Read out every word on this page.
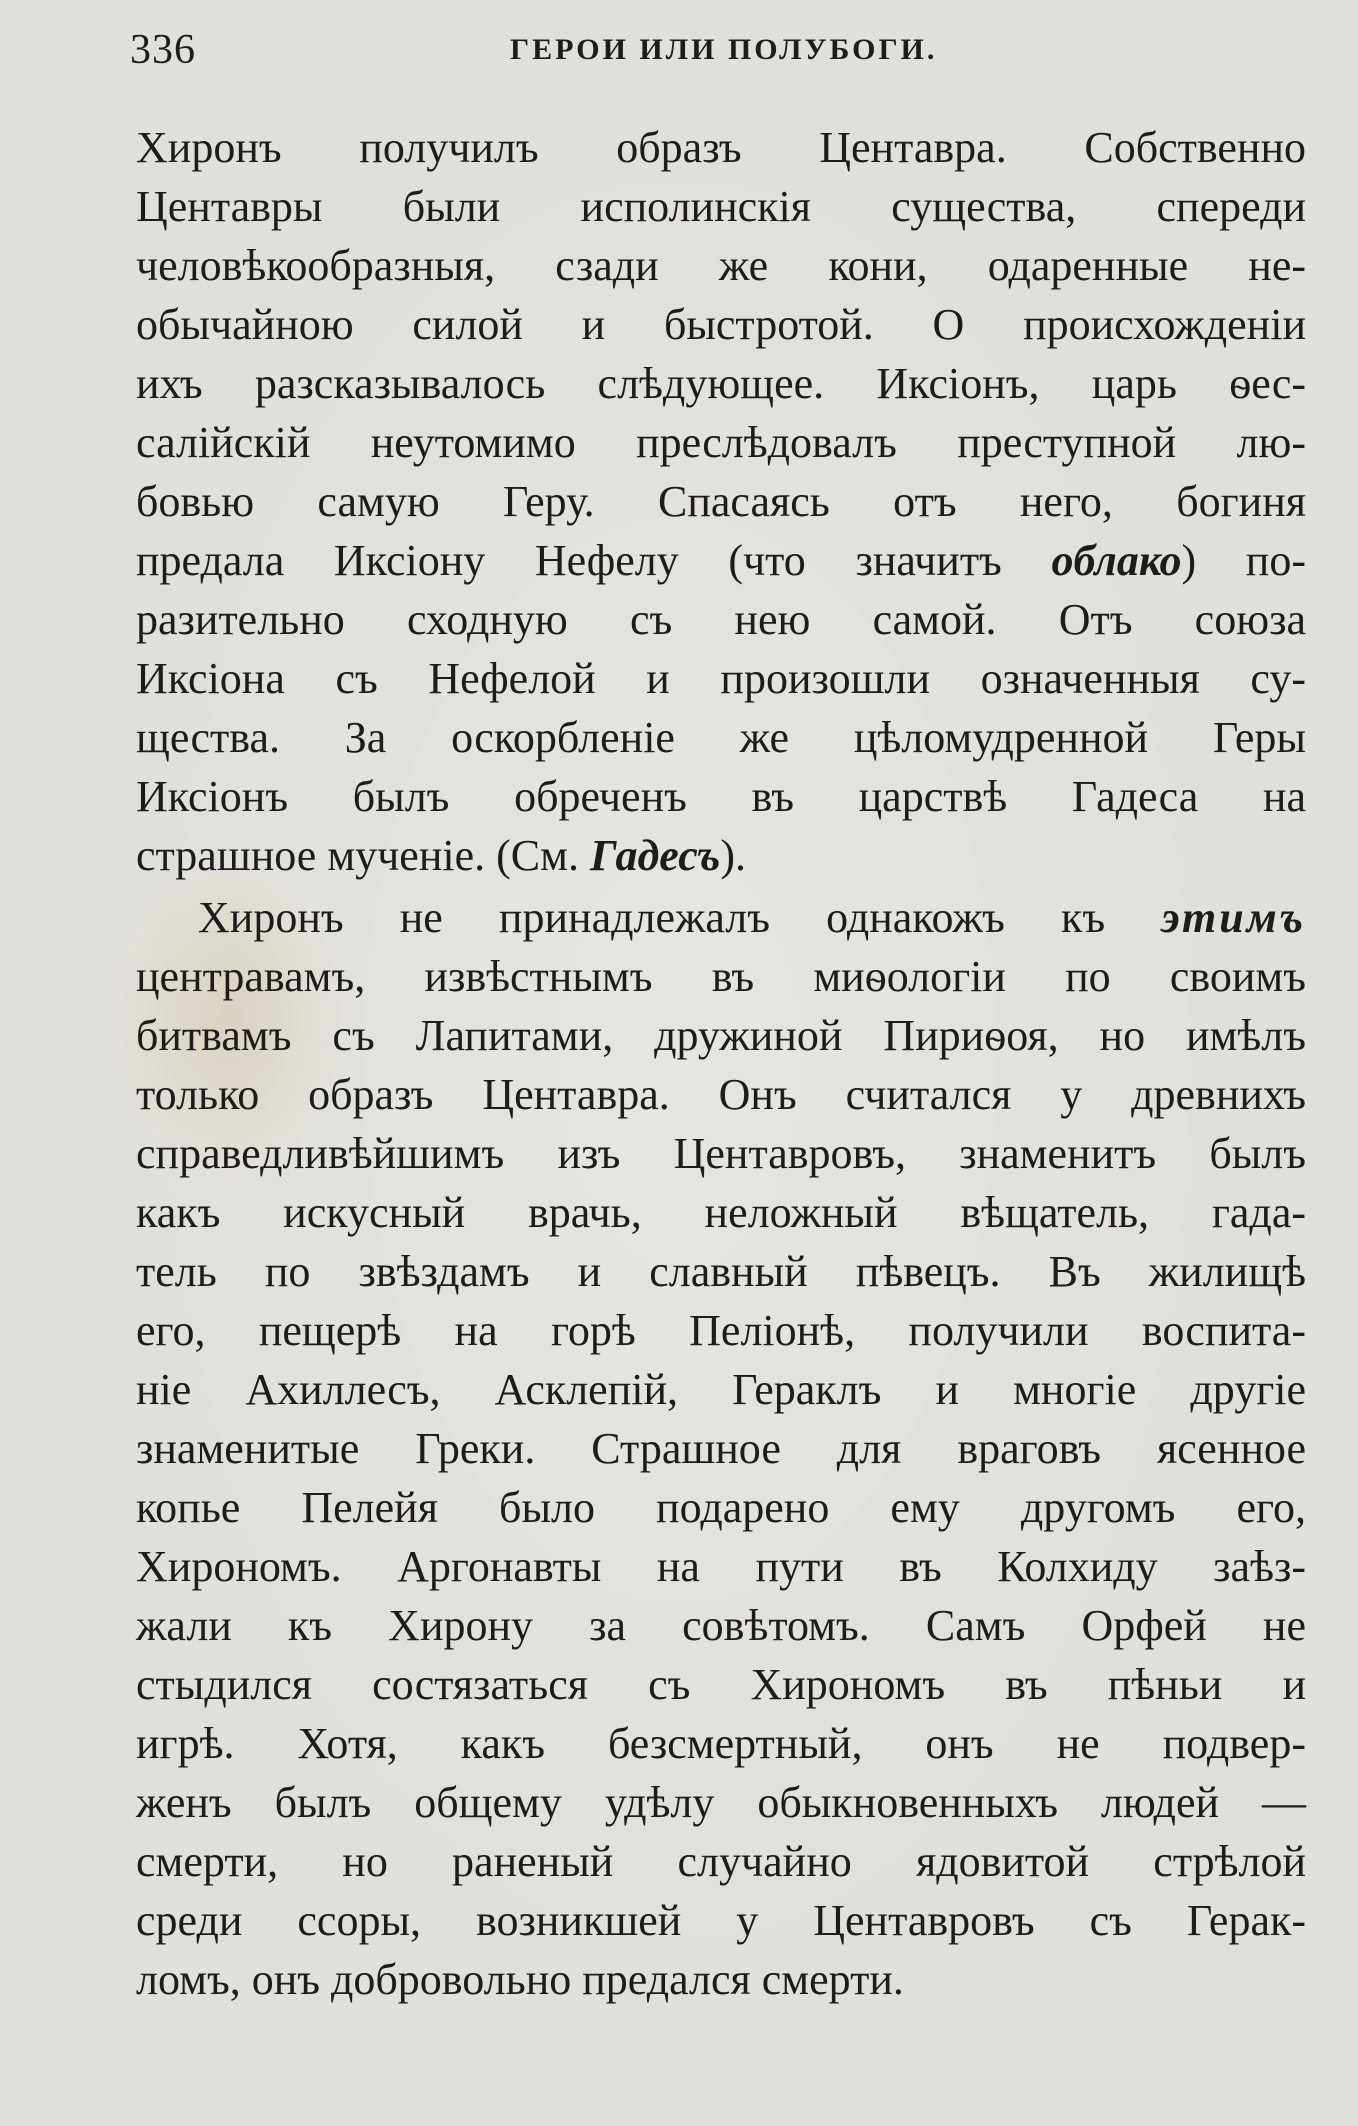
336	ГЕРОИ ИЛИ ПОЛУБОГИ.
Хиронъ получилъ образъ Центавра. Собственно
Центавры были исполинскія существа, спереди
человѣкообразныя, сзади же кони, одаренные не-
обычайною силой и быстротой. О происхожденіи
ихъ разсказывалось слѣдующее. Иксіонъ, царь ѳес-
салійскій неутомимо преслѣдовалъ преступной лю-
бовью самую Геру. Спасаясь отъ него, богиня
предала Иксіону Нефелу (что значитъ облако) по-
разительно сходную съ нею самой. Отъ союза
Иксіона съ Нефелой и произошли означенныя су-
щества. За оскорбленіе же цѣломудренной Геры
Иксіонъ былъ обреченъ въ царствѣ Гадеса на
страшное мученіе. (См. Гадесъ).
Хиронъ не принадлежалъ однакожъ къ этимъ
центравамъ, извѣстнымъ въ миѳологіи по своимъ
битвамъ съ Лапитами, дружиной Пириѳоя, но имѣлъ
только образъ Центавра. Онъ считался у древнихъ
справедливѣйшимъ изъ Центавровъ, знаменитъ былъ
какъ искусный врачь, неложный вѣщатель, гада-
тель по звѣздамъ и славный пѣвецъ. Въ жилищѣ
его, пещерѣ на горѣ Пеліонѣ, получили воспита-
ніе Ахиллесъ, Асклепій, Гераклъ и многіе другіе
знаменитые Греки. Страшное для враговъ ясенное
копье Пелейя было подарено ему другомъ его,
Хирономъ. Аргонавты на пути въ Колхиду заѣз-
жали къ Хирону за совѣтомъ. Самъ Орфей не
стыдился состязаться съ Хирономъ въ пѣньи и
игрѣ. Хотя, какъ безсмертный, онъ не подвер-
женъ былъ общему удѣлу обыкновенныхъ людей —
смерти, но раненый случайно ядовитой стрѣлой
среди ссоры, возникшей у Центавровъ съ Герак-
ломъ, онъ добровольно предался смерти.
